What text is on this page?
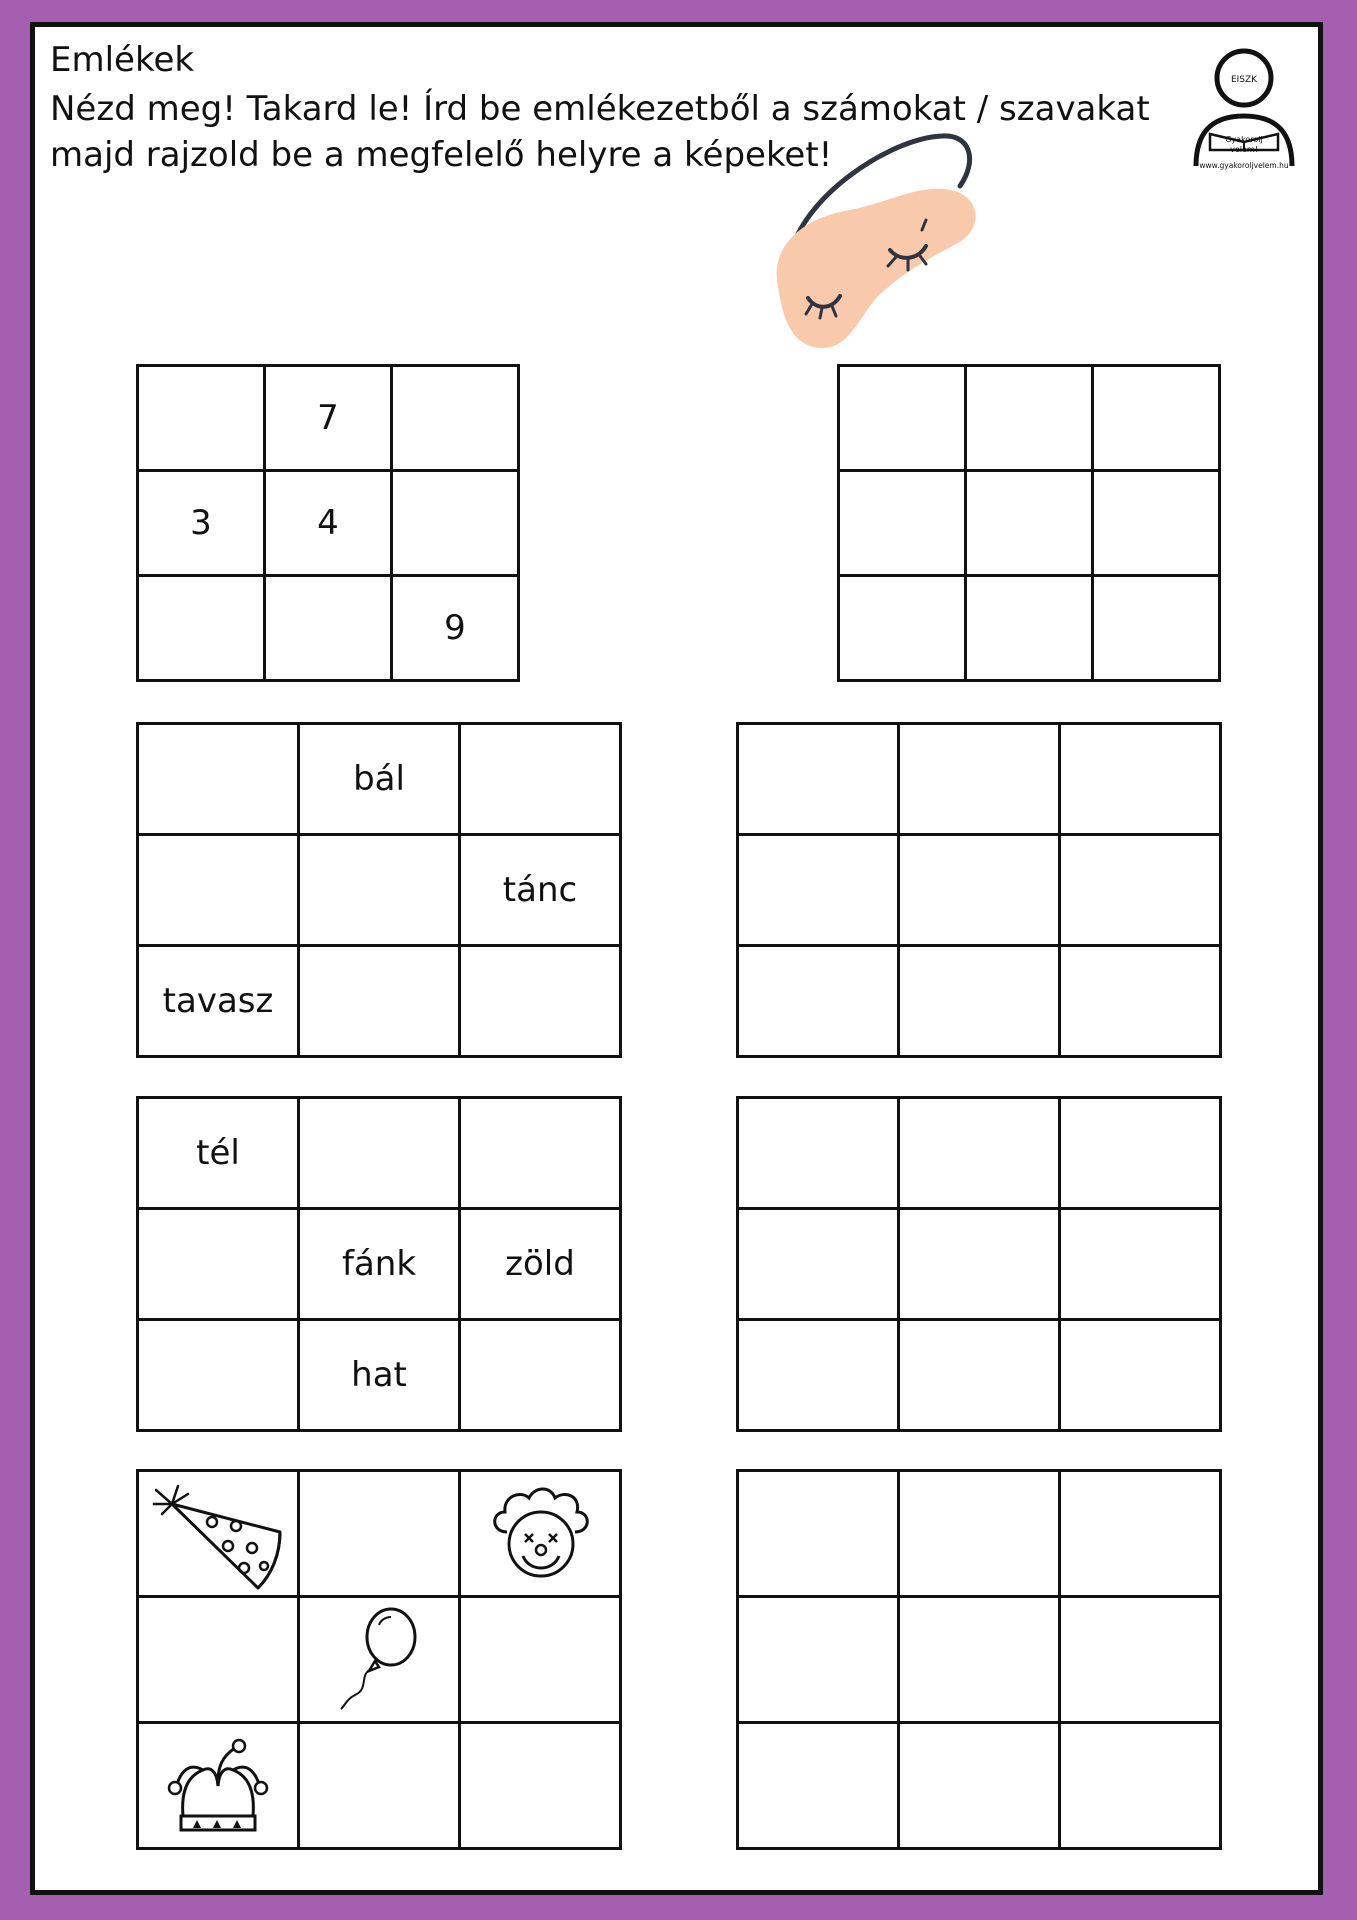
Emlékek

Nézd meg! Takard le! Írd be emlékezetből a számokat / szavakat majd rajzold be a megfelelő helyre a képeket!

EISZK
Gyakorolj
velem!
www.gyakoroljvelem.hu
	7	
3	4	
		9

	bál	
		tánc
tavasz		

tél		
	fánk	zöld
	hat	
